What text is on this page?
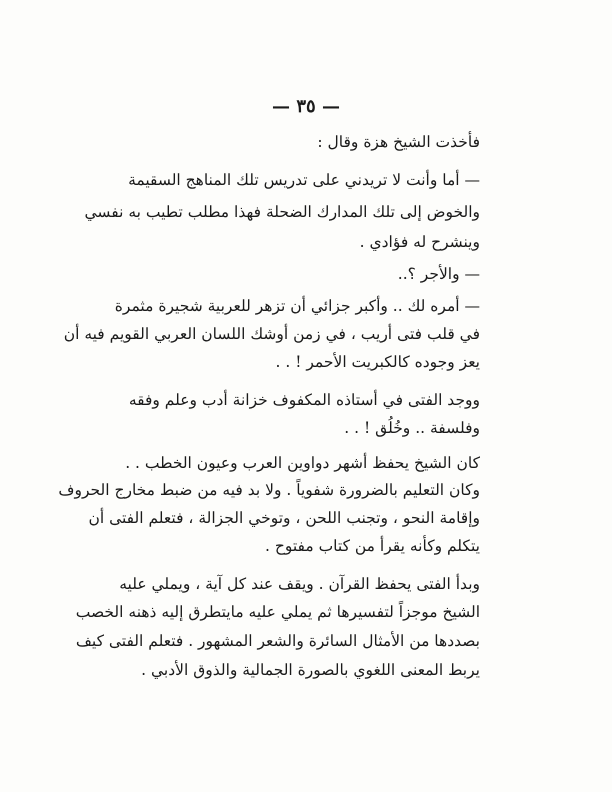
— ٣٥ —
فأخذت الشيخ هزة وقال :
— أما وأنت لا تريدني على تدريس تلك المناهج السقيمة
والخوض إلى تلك المدارك الضحلة فهذا مطلب تطيب به نفسي
وينشرح له فؤادي .
— والأجر ؟..
— أمره لك .. وأكبر جزائي أن تزهر للعربية شجيرة مثمرة
في قلب فتى أريب ، في زمن أوشك اللسان العربي القويم فيه أن
يعز وجوده كالكبريت الأحمر ! . .
ووجد الفتى في أستاذه المكفوف خزانة أدب وعلم وفقه
وفلسفة .. وخُلُق ! . .
كان الشيخ يحفظ أشهر دواوين العرب وعيون الخطب . .
وكان التعليم بالضرورة شفوياً . ولا بد فيه من ضبط مخارج الحروف
وإقامة النحو ، وتجنب اللحن ، وتوخي الجزالة ، فتعلم الفتى أن
يتكلم وكأنه يقرأ من كتاب مفتوح .
وبدأ الفتى يحفظ القرآن . ويقف عند كل آية ، ويملي عليه
الشيخ موجزاً لتفسيرها ثم يملي عليه مايتطرق إليه ذهنه الخصب
بصددها من الأمثال السائرة والشعر المشهور . فتعلم الفتى كيف
يربط المعنى اللغوي بالصورة الجمالية والذوق الأدبي .
